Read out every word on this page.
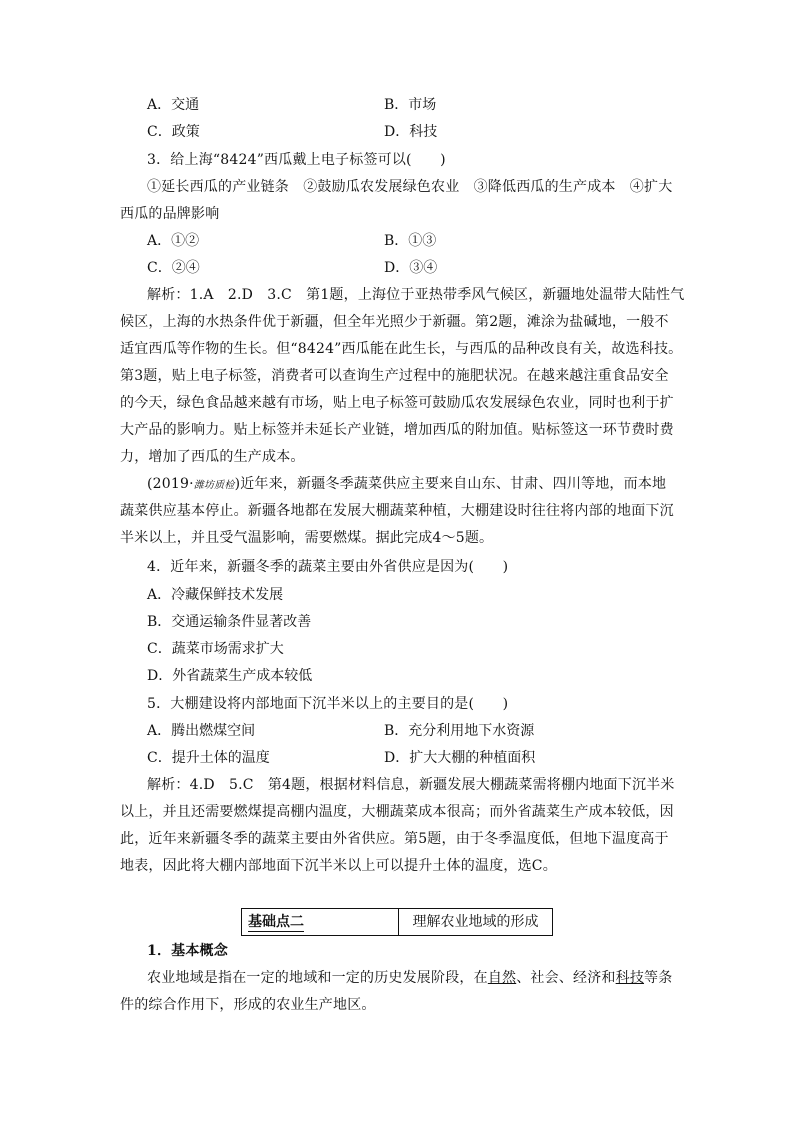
A．交通	B．市场
C．政策	D．科技
3．给上海“8424”西瓜戴上电子标签可以(　　)
①延长西瓜的产业链条　②鼓励瓜农发展绿色农业　③降低西瓜的生产成本　④扩大
西瓜的品牌影响
A．①②	B．①③
C．②④	D．③④
解析：1.A　2.D　3.C　第1题，上海位于亚热带季风气候区，新疆地处温带大陆性气
候区，上海的水热条件优于新疆，但全年光照少于新疆。第2题，滩涂为盐碱地，一般不
适宜西瓜等作物的生长。但“8424”西瓜能在此生长，与西瓜的品种改良有关，故选科技。
第3题，贴上电子标签，消费者可以查询生产过程中的施肥状况。在越来越注重食品安全
的今天，绿色食品越来越有市场，贴上电子标签可鼓励瓜农发展绿色农业，同时也利于扩
大产品的影响力。贴上标签并未延长产业链，增加西瓜的附加值。贴标签这一环节费时费
力，增加了西瓜的生产成本。
(2019·潍坊质检)近年来，新疆冬季蔬菜供应主要来自山东、甘肃、四川等地，而本地
蔬菜供应基本停止。新疆各地都在发展大棚蔬菜种植，大棚建设时往往将内部的地面下沉
半米以上，并且受气温影响，需要燃煤。据此完成4～5题。
4．近年来，新疆冬季的蔬菜主要由外省供应是因为(　　)
A．冷藏保鲜技术发展
B．交通运输条件显著改善
C．蔬菜市场需求扩大
D．外省蔬菜生产成本较低
5．大棚建设将内部地面下沉半米以上的主要目的是(　　)
A．腾出燃煤空间	B．充分利用地下水资源
C．提升土体的温度	D．扩大大棚的种植面积
解析：4.D　5.C　第4题，根据材料信息，新疆发展大棚蔬菜需将棚内地面下沉半米
以上，并且还需要燃煤提高棚内温度，大棚蔬菜成本很高；而外省蔬菜生产成本较低，因
此，近年来新疆冬季的蔬菜主要由外省供应。第5题，由于冬季温度低，但地下温度高于
地表，因此将大棚内部地面下沉半米以上可以提升土体的温度，选C。
基础点二	理解农业地域的形成
1．基本概念
农业地域是指在一定的地域和一定的历史发展阶段，在自然、社会、经济和科技等条
件的综合作用下，形成的农业生产地区。
